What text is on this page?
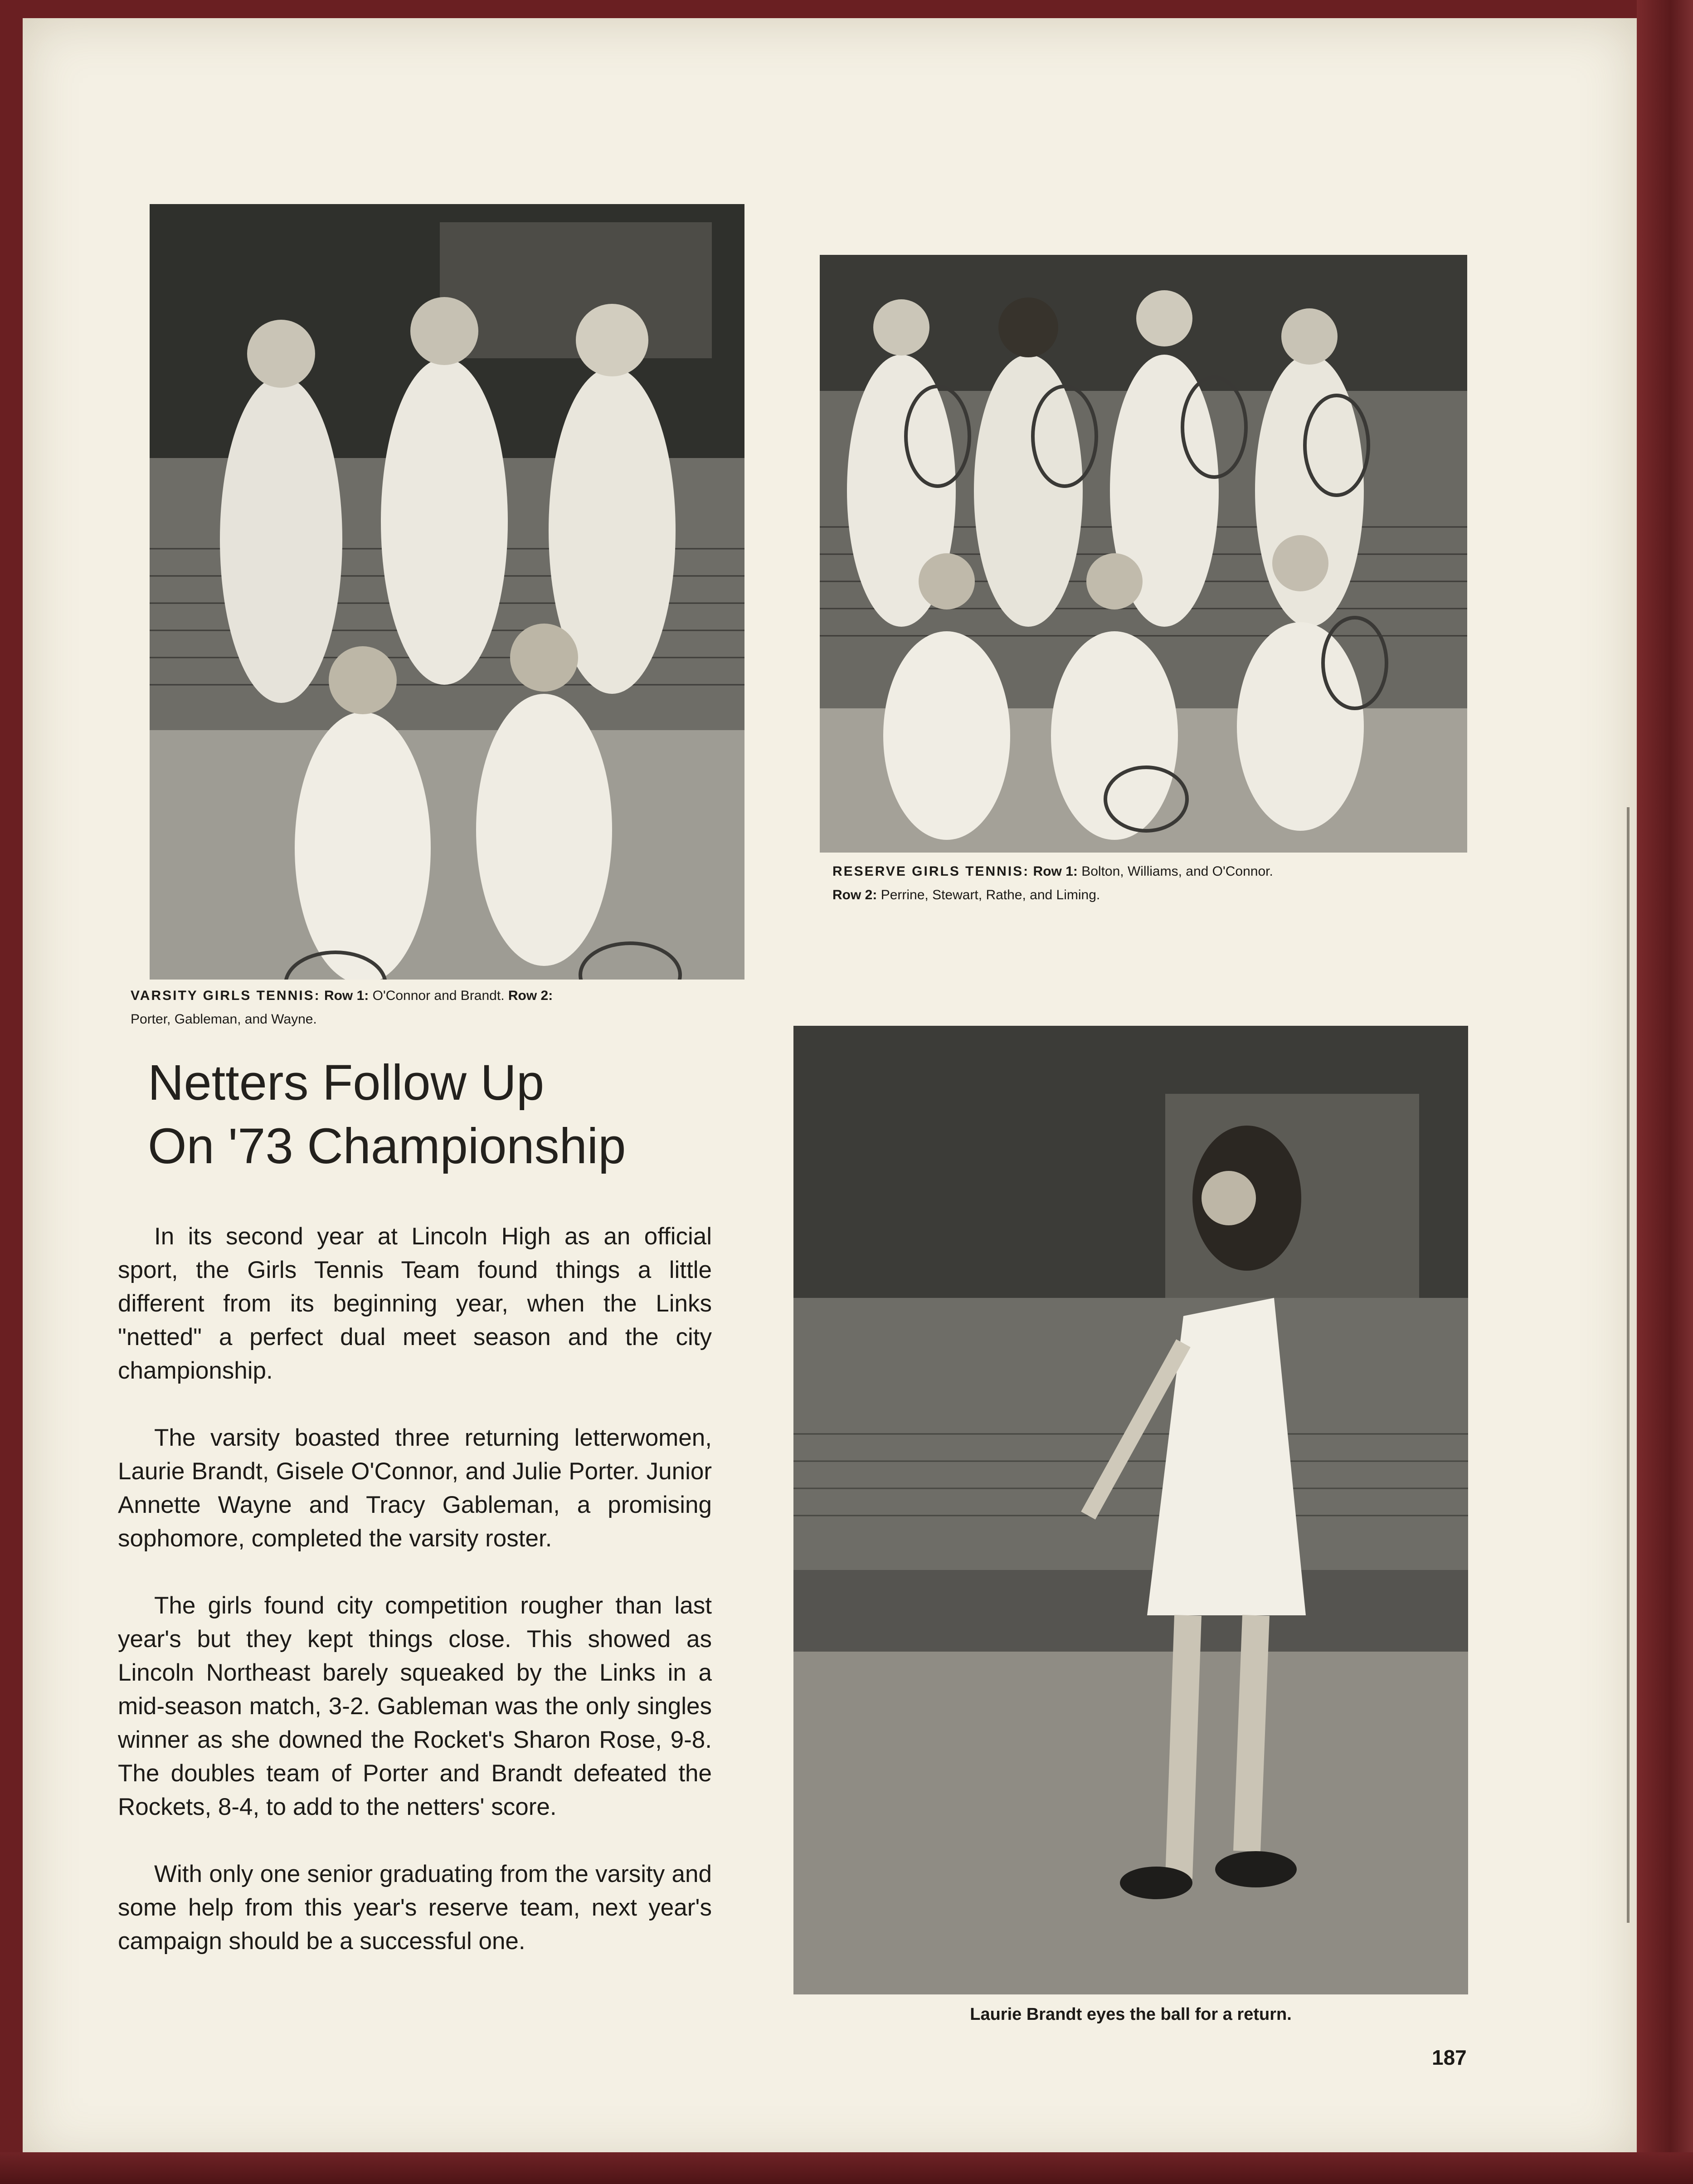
RESERVE GIRLS TENNIS: Row 1: Bolton, Williams, and O'Connor.
Row 2: Perrine, Stewart, Rathe, and Liming.
VARSITY GIRLS TENNIS: Row 1: O'Connor and Brandt. Row 2:
Porter, Gableman, and Wayne.
Laurie Brandt eyes the ball for a return.
Netters Follow Up
On '73 Championship

In its second year at Lincoln High as an official sport, the Girls Tennis Team found things a little different from its beginning year, when the Links "netted" a perfect dual meet season and the city championship.

The varsity boasted three returning letterwomen, Laurie Brandt, Gisele O'Connor, and Julie Porter. Junior Annette Wayne and Tracy Gableman, a promising sophomore, completed the varsity roster.

The girls found city competition rougher than last year's but they kept things close. This showed as Lincoln Northeast barely squeaked by the Links in a mid-season match, 3-2. Gableman was the only singles winner as she downed the Rocket's Sharon Rose, 9-8. The doubles team of Porter and Brandt defeated the Rockets, 8-4, to add to the netters' score.

With only one senior graduating from the varsity and some help from this year's reserve team, next year's campaign should be a successful one.

187
